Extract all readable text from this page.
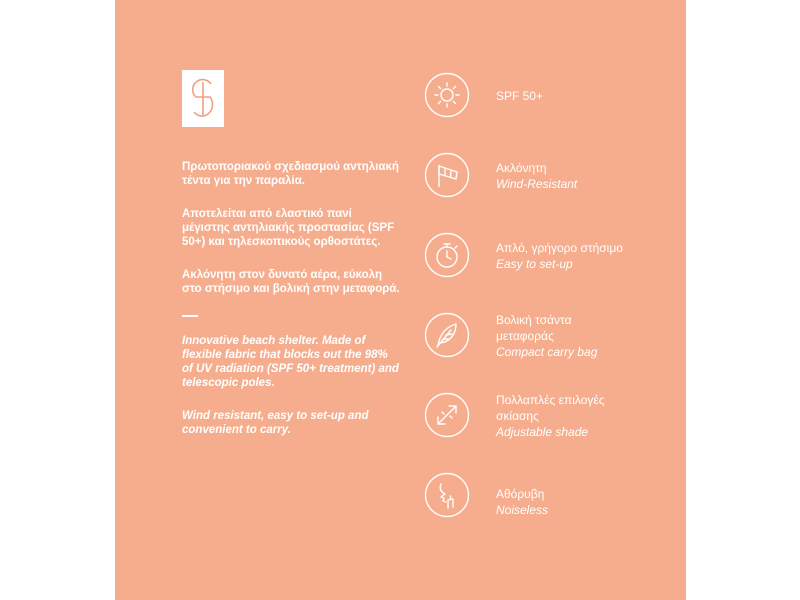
Πρωτοποριακού σχεδιασμού αντηλιακή τέντα για την παραλία.

Αποτελείται από ελαστικό πανί μέγιστης αντηλιακής προστασίας (SPF 50+) και τηλεσκοπικούς ορθοστάτες.

Ακλόνητη στον δυνατό αέρα, εύκολη στο στήσιμο και βολική στην μεταφορά.

Innovative beach shelter. Made of flexible fabric that blocks out the 98% of UV radiation (SPF 50+ treatment) and telescopic poles.

Wind resistant, easy to set-up and convenient to carry.

SPF 50+
Ακλόνητη
Wind-Resistant
Απλό, γρήγορο στήσιμο
Easy to set-up
Βολική τσάντα μεταφοράς
Compact carry bag
Πολλαπλές επιλογές σκίασης
Adjustable shade
Αθόρυβη
Noiseless
